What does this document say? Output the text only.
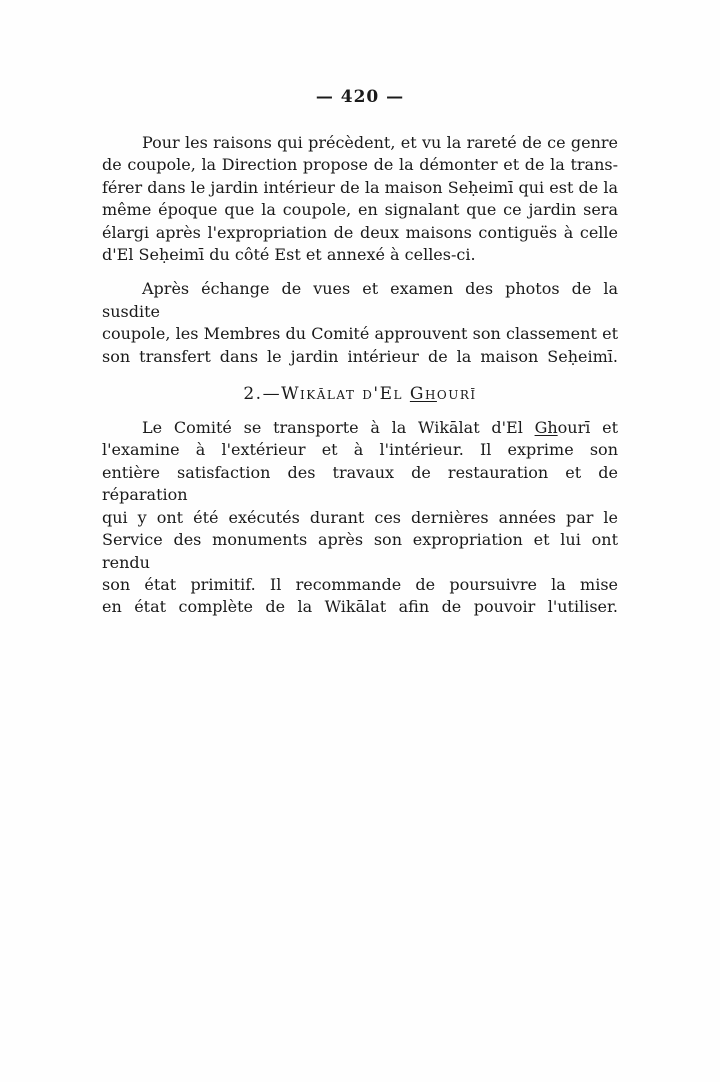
— 420 —

Pour les raisons qui précèdent, et vu la rareté de ce genre
de coupole, la Direction propose de la démonter et de la trans-
férer dans le jardin intérieur de la maison Seḥeimī qui est de la
même époque que la coupole, en signalant que ce jardin sera
élargi après l'expropriation de deux maisons contiguës à celle
d'El Seḥeimī du côté Est et annexé à celles-ci.

Après échange de vues et examen des photos de la susdite
coupole, les Membres du Comité approuvent son classement et
son transfert dans le jardin intérieur de la maison Seḥeimī.

2.—Wikālat d'El Ghourī

Le Comité se transporte à la Wikālat d'El Ghourī et
l'examine à l'extérieur et à l'intérieur. Il exprime son
entière satisfaction des travaux de restauration et de réparation
qui y ont été exécutés durant ces dernières années par le
Service des monuments après son expropriation et lui ont rendu
son état primitif. Il recommande de poursuivre la mise
en état complète de la Wikālat afin de pouvoir l'utiliser.
